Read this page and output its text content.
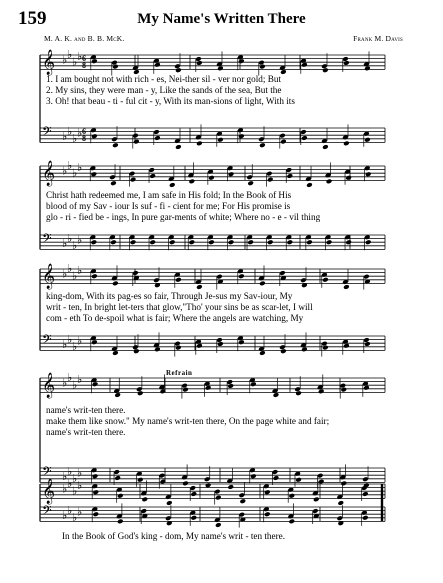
159	My Name's Written There
M. A. K. and B. B. McK.	Frank M. Davis
♭ ♭
♭ ♭
𝄞
♭ ♭
♭ ♭
𝄢
6
8
6
8
♭ ♭
♭ ♭
𝄞
♭ ♭
♭ ♭
𝄢
♭ ♭
♭ ♭
𝄞
♭ ♭
♭ ♭
𝄢
♭ ♭
♭ ♭
𝄞
♭ ♭
♭ ♭
𝄢
♭ ♭
♭ ♭
𝄞
♭ ♭
♭ ♭
𝄢
1. I am bought not with rich - es, Nei-ther sil - ver nor gold; But
2. My sins, they were man - y, Like the sands of the sea, But the
3. Oh! that beau - ti - ful cit - y, With its man-sions of light, With its
Christ hath redeemed me, I am safe in His fold; In the Book of His
blood of my Sav - iour Is suf - fi - cient for me; For His promise is
glo - ri - fied be - ings, In pure gar-ments of white; Where no - e - vil thing
king-dom, With its pag-es so fair, Through Je-sus my Sav-iour, My
writ - ten, In bright let-ters that glow,"Tho' your sins be as scar-let, I will
com - eth To de-spoil what is fair; Where the angels are watching, My
Refrain
name's writ-ten there.
make them like snow." My name's writ-ten there, On the page white and fair;
name's writ-ten there.
In the Book of God's king - dom, My name's writ - ten there.
